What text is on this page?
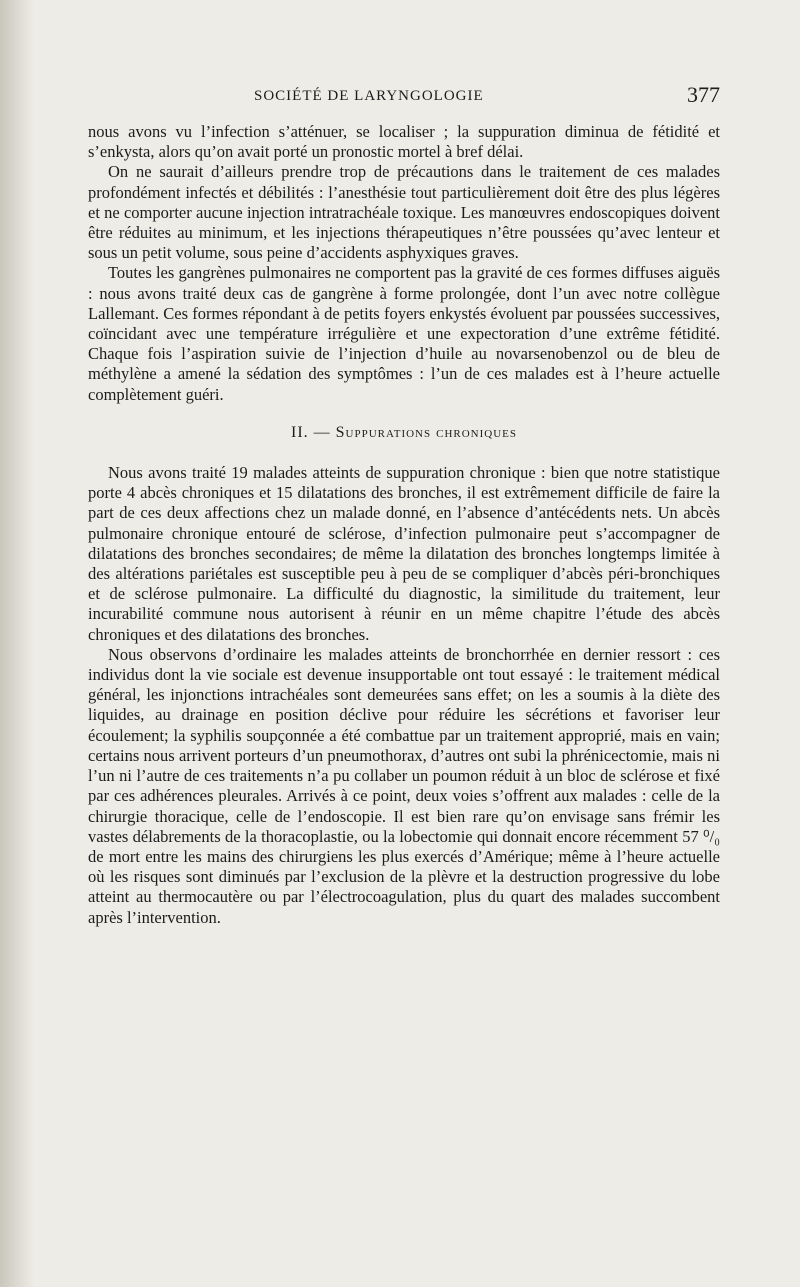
SOCIÉTÉ DE LARYNGOLOGIE	377

nous avons vu l’infection s’atténuer, se localiser ; la suppuration diminua de fétidité et s’enkysta, alors qu’on avait porté un pronostic mortel à bref délai.

On ne saurait d’ailleurs prendre trop de précautions dans le traitement de ces malades profondément infectés et débilités : l’anesthésie tout particulièrement doit être des plus légères et ne comporter aucune injection intratrachéale toxique. Les manœuvres endoscopiques doivent être réduites au minimum, et les injections thérapeutiques n’être poussées qu’avec lenteur et sous un petit volume, sous peine d’accidents asphyxiques graves.

Toutes les gangrènes pulmonaires ne comportent pas la gravité de ces formes diffuses aiguës : nous avons traité deux cas de gangrène à forme prolongée, dont l’un avec notre collègue Lallemant. Ces formes répondant à de petits foyers enkystés évoluent par poussées successives, coïncidant avec une température irrégulière et une expectoration d’une extrême fétidité. Chaque fois l’aspiration suivie de l’injection d’huile au novarsenobenzol ou de bleu de méthylène a amené la sédation des symptômes : l’un de ces malades est à l’heure actuelle complètement guéri.

II. — Suppurations chroniques

Nous avons traité 19 malades atteints de suppuration chronique : bien que notre statistique porte 4 abcès chroniques et 15 dilatations des bronches, il est extrêmement difficile de faire la part de ces deux affections chez un malade donné, en l’absence d’antécédents nets. Un abcès pulmonaire chronique entouré de sclérose, d’infection pulmonaire peut s’accompagner de dilatations des bronches secondaires; de même la dilatation des bronches longtemps limitée à des altérations pariétales est susceptible peu à peu de se compliquer d’abcès péri-bronchiques et de sclérose pulmonaire. La difficulté du diagnostic, la similitude du traitement, leur incurabilité commune nous autorisent à réunir en un même chapitre l’étude des abcès chroniques et des dilatations des bronches.

Nous observons d’ordinaire les malades atteints de bronchorrhée en dernier ressort : ces individus dont la vie sociale est devenue insupportable ont tout essayé : le traitement médical général, les injonctions intrachéales sont demeurées sans effet; on les a soumis à la diète des liquides, au drainage en position déclive pour réduire les sécrétions et favoriser leur écoulement; la syphilis soupçonnée a été combattue par un traitement approprié, mais en vain; certains nous arrivent porteurs d’un pneumothorax, d’autres ont subi la phrénicectomie, mais ni l’un ni l’autre de ces traitements n’a pu collaber un poumon réduit à un bloc de sclérose et fixé par ces adhérences pleurales. Arrivés à ce point, deux voies s’offrent aux malades : celle de la chirurgie thoracique, celle de l’endoscopie. Il est bien rare qu’on envisage sans frémir les vastes délabrements de la thoracoplastie, ou la lobectomie qui donnait encore récemment 57 ⁰/₀ de mort entre les mains des chirurgiens les plus exercés d’Amérique; même à l’heure actuelle où les risques sont diminués par l’exclusion de la plèvre et la destruction progressive du lobe atteint au thermocautère ou par l’électrocoagulation, plus du quart des malades succombent après l’intervention.
